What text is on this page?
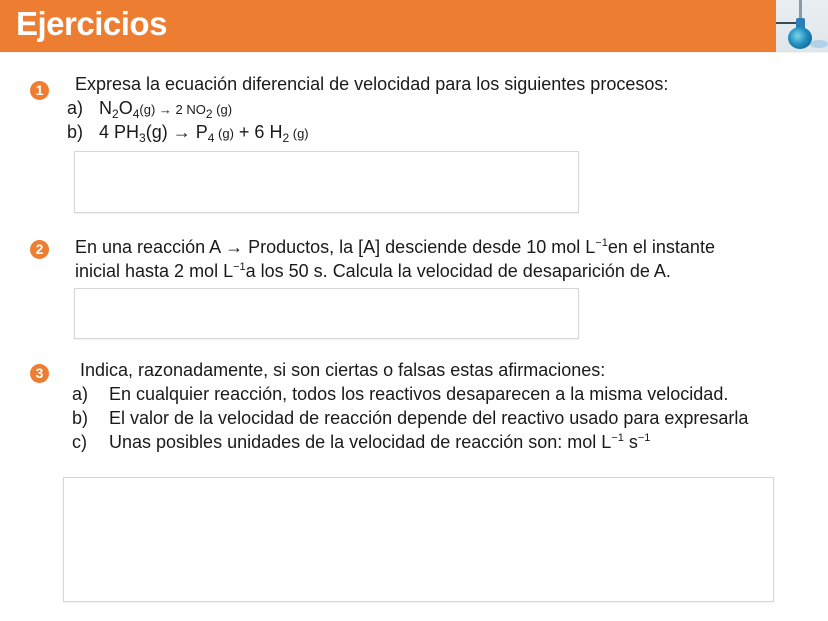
Ejercicios
1	Expresa la ecuación diferencial de velocidad para los siguientes procesos:
a) $N_2O_4(g) \to 2$ $NO_2$ (g)
b) 4 $PH_3(g) \to P_4$ (g) + 6 $H_2$ (g)
2	En una reacción A → Productos, la [A] desciende desde 10 mol $L^{-1}en$ el instante
inicial hasta 2 mol $L^{-1}a$ los 50 s. Calcula la velocidad de desaparición de A.
3	Indica, razonadamente, si son ciertas o falsas estas afirmaciones:
a) En cualquier reacción, todos los reactivos desaparecen a la misma velocidad.
b) El valor de la velocidad de reacción depende del reactivo usado para expresarla
c) Unas posibles unidades de la velocidad de reacción son: mol $L^{-1}$ $s^{-1}$
